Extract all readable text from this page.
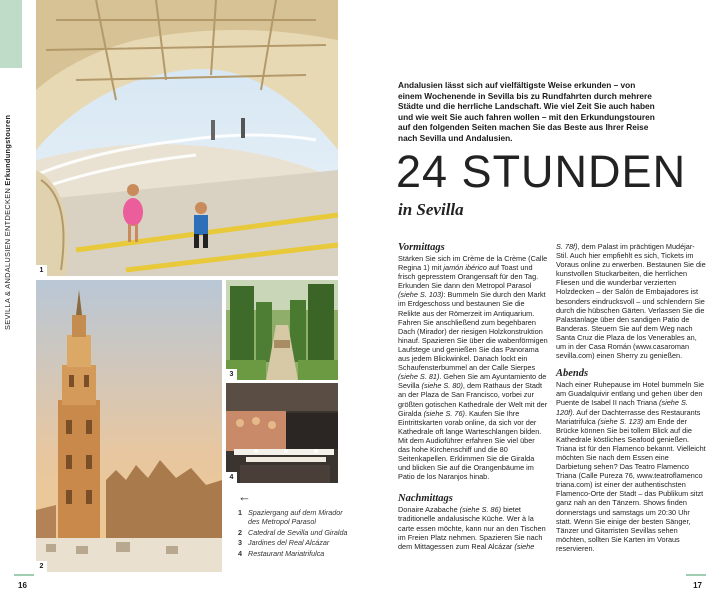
SEVILLA & ANDALUSIEN ENTDECKEN Erkundungstouren
1
2
3
4
←
1 Spaziergang auf dem Mirador des Metropol Parasol
2 Catedral de Sevilla und Giralda
3 Jardines del Real Alcázar
4 Restaurant Mariatrifulca
Andalusien lässt sich auf vielfältigste Weise erkunden – von einem Wochenende in Sevilla bis zu Rundfahrten durch mehrere Städte und die herrliche Landschaft. Wie viel Zeit Sie auch haben und wie weit Sie auch fahren wollen – mit den Erkundungstouren auf den folgenden Seiten machen Sie das Beste aus Ihrer Reise nach Sevilla und Andalusien.
24 STUNDEN
in Sevilla
Vormittags

Stärken Sie sich im Crème de la Crème (Calle Regina 1) mit jamón ibérico auf Toast und frisch gepresstem Orangensaft für den Tag. Erkunden Sie dann den Metropol Parasol (siehe S. 103): Bummeln Sie durch den Markt im Erdgeschoss und bestaunen Sie die Relikte aus der Römerzeit im Antiquarium. Fahren Sie anschließend zum begehbaren Dach (Mirador) der riesigen Holzkonstruktion hinauf. Spazieren Sie über die wabenförmigen Laufstege und genießen Sie das Panorama aus jedem Blickwinkel. Danach lockt ein Schaufensterbummel an der Calle Sierpes (siehe S. 81). Gehen Sie am Ayuntamiento de Sevilla (siehe S. 80), dem Rathaus der Stadt an der Plaza de San Francisco, vorbei zur größten gotischen Kathedrale der Welt mit der Giralda (siehe S. 76). Kaufen Sie Ihre Eintrittskarten vorab online, da sich vor der Kathedrale oft lange Warteschlangen bilden. Mit dem Audioführer erfahren Sie viel über das hohe Kirchenschiff und die 80 Seitenkapellen. Erklimmen Sie die Giralda und blicken Sie auf die Orangenbäume im Patio de los Naranjos hinab.

Nachmittags

Donaire Azabache (siehe S. 86) bietet traditionelle andalusische Küche. Wer à la carte essen möchte, kann nur an den Tischen im Freien Platz nehmen. Spazieren Sie nach dem Mittagessen zum Real Alcázar (siehe

S. 78f), dem Palast im prächtigen Mudéjar-Stil. Auch hier empfiehlt es sich, Tickets im Voraus online zu erwerben. Bestaunen Sie die kunstvollen Stuckarbeiten, die herrlichen Fliesen und die wunderbar verzierten Holzdecken – der Salón de Embajadores ist besonders eindrucksvoll – und schlendern Sie durch die hübschen Gärten. Verlassen Sie die Palastanlage über den sandigen Patio de Banderas. Steuern Sie auf dem Weg nach Santa Cruz die Plaza de los Venerables an, um in der Casa Román (www.casaroman sevilla.com) einen Sherry zu genießen.

Abends

Nach einer Ruhepause im Hotel bummeln Sie am Guadalquivir entlang und gehen über den Puente de Isabel II nach Triana (siehe S. 120f). Auf der Dachterrasse des Restaurants Mariatrifulca (siehe S. 123) am Ende der Brücke können Sie bei tollem Blick auf die Kathedrale köstliches Seafood genießen. Triana ist für den Flamenco bekannt. Vielleicht möchten Sie nach dem Essen eine Darbietung sehen? Das Teatro Flamenco Triana (Calle Pureza 76, www.teatroflamenco triana.com) ist einer der authentischsten Flamenco-Orte der Stadt – das Publikum sitzt ganz nah an den Tänzern. Shows finden donnerstags und samstags um 20:30 Uhr statt. Wenn Sie einige der besten Sänger, Tänzer und Gitarristen Sevillas sehen möchten, sollten Sie Karten im Voraus reservieren.

16	17
